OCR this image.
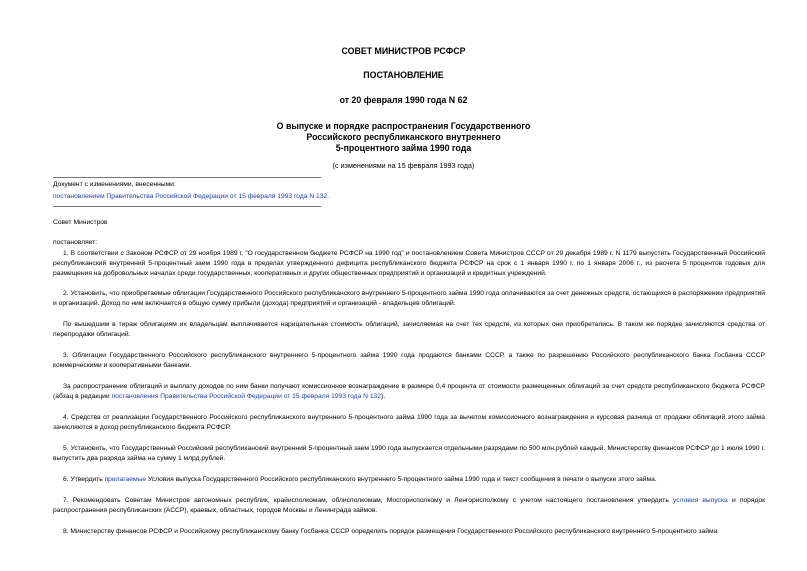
СОВЕТ МИНИСТРОВ РСФСР
ПОСТАНОВЛЕНИЕ
от 20 февраля 1990 года N 62
О выпуске и порядке распространения Государственного
Российского республиканского внутреннего
5-процентного займа 1990 года
(с изменениями на 15 февраля 1993 года)
Документ с изменениями, внесенными:
постановлением Правительства Российской Федерации от 15 февраля 1993 года N 132.
Совет Министров
постановляет:

1. В соответствии с Законом РСФСР от 29 ноября 1989 г. "О государственном бюджете РСФСР на 1990 год" и постановлением Совета Министров СССР от 29 декабря 1989 г. N 1179 выпустить Государственный Российский республиканский внутренний 5-процентный заем 1990 года в пределах утвержденного дефицита республиканского бюджета РСФСР на срок с 1 января 1990 г. по 1 января 2006 г., из расчета 5 процентов годовых для размещения на добровольных началах среди государственных, кооперативных и других общественных предприятий и организаций и кредитных учреждений.

2. Установить, что приобретаемые облигации Государственного Российского республиканского внутреннего 5-процентного займа 1990 года оплачиваются за счет денежных средств, остающихся в распоряжении предприятий и организаций. Доход по ним включается в общую сумму прибыли (дохода) предприятий и организаций - владельцев облигаций.

По вышедшим в тираж облигациям их владельцам выплачивается нарицательная стоимость облигаций, зачисляемая на счет тех средств, из которых они приобретались. В таком же порядке зачисляются средства от перепродажи облигаций.

3. Облигации Государственного Российского республиканского внутреннего 5-процентного займа 1990 года продаются банками СССР, а также по разрешению Российского республиканского банка Госбанка СССР коммерческими и кооперативными банками.

За распространение облигаций и выплату доходов по ним банки получают комиссионное вознаграждение в размере 0,4 процента от стоимости размещенных облигаций за счет средств республиканского бюджета РСФСР (абзац в редакции постановления Правительства Российской Федерации от 15 февраля 1993 года N 132).

4. Средства от реализации Государственного Российского республиканского внутреннего 5-процентного займа 1990 года за вычетом комиссионного вознаграждения и курсовая разница от продажи облигаций этого займа зачисляются в доход республиканского бюджета РСФСР.

5. Установить, что Государственный Российский республиканский внутренний 5-процентный заем 1990 года выпускается отдельными разрядами по 500 млн.рублей каждый. Министерству финансов РСФСР до 1 июля 1990 г. выпустить два разряда займа на сумму 1 млрд.рублей.

6. Утвердить прилагаемые Условия выпуска Государственного Российского республиканского внутреннего 5-процентного займа 1990 года и текст сообщения в печати о выпуске этого займа.

7. Рекомендовать Советам Министров автономных республик, крайисполкомам, облисполкомам, Мосгорисполкому и Ленгорисполкому с учетом настоящего постановления утвердить условия выпуска и порядок распространения республиканских (АССР), краевых, областных, городов Москвы и Ленинграда займов.

8. Министерству финансов РСФСР и Российскому республиканскому банку Госбанка СССР определить порядок размещения Государственного Российского республиканского внутреннего 5-процентного займа
